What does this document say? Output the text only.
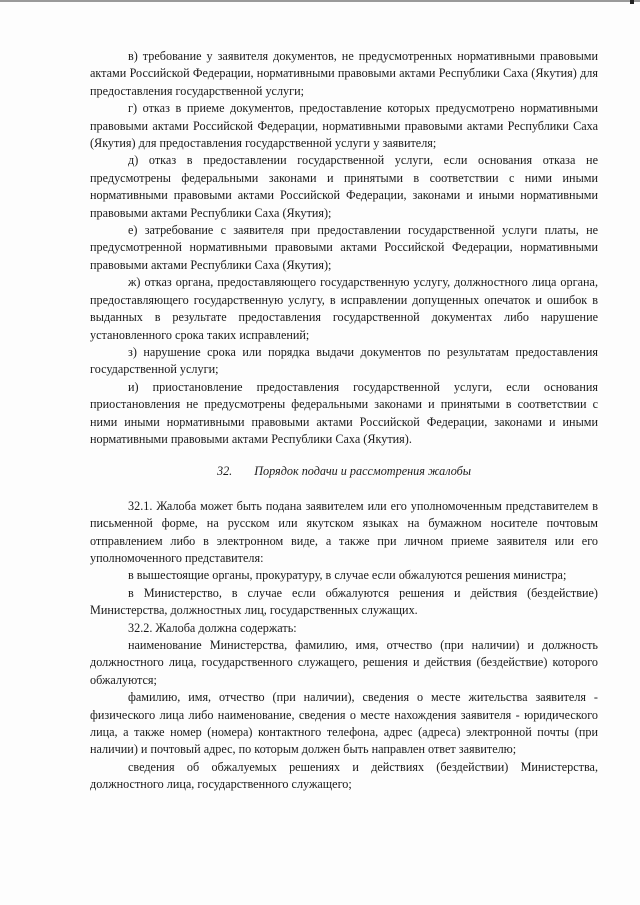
в) требование у заявителя документов, не предусмотренных нормативными правовыми актами Российской Федерации, нормативными правовыми актами Республики Саха (Якутия) для предоставления государственной услуги;

г) отказ в приеме документов, предоставление которых предусмотрено нормативными правовыми актами Российской Федерации, нормативными правовыми актами Республики Саха (Якутия) для предоставления государственной услуги у заявителя;

д) отказ в предоставлении государственной услуги, если основания отказа не предусмотрены федеральными законами и принятыми в соответствии с ними иными нормативными правовыми актами Российской Федерации, законами и иными нормативными правовыми актами Республики Саха (Якутия);

е) затребование с заявителя при предоставлении государственной услуги платы, не предусмотренной нормативными правовыми актами Российской Федерации, нормативными правовыми актами Республики Саха (Якутия);

ж) отказ органа, предоставляющего государственную услугу, должностного лица органа, предоставляющего государственную услугу, в исправлении допущенных опечаток и ошибок в выданных в результате предоставления государственной документах либо нарушение установленного срока таких исправлений;

з) нарушение срока или порядка выдачи документов по результатам предоставления государственной услуги;

и) приостановление предоставления государственной услуги, если основания приостановления не предусмотрены федеральными законами и принятыми в соответствии с ними иными нормативными правовыми актами Российской Федерации, законами и иными нормативными правовыми актами Республики Саха (Якутия).

32. Порядок подачи и рассмотрения жалобы

32.1. Жалоба может быть подана заявителем или его уполномоченным представителем в письменной форме, на русском или якутском языках на бумажном носителе почтовым отправлением либо в электронном виде, а также при личном приеме заявителя или его уполномоченного представителя:

в вышестоящие органы, прокуратуру, в случае если обжалуются решения министра;

в Министерство, в случае если обжалуются решения и действия (бездействие) Министерства, должностных лиц, государственных служащих.

32.2. Жалоба должна содержать:

наименование Министерства, фамилию, имя, отчество (при наличии) и должность должностного лица, государственного служащего, решения и действия (бездействие) которого обжалуются;

фамилию, имя, отчество (при наличии), сведения о месте жительства заявителя - физического лица либо наименование, сведения о месте нахождения заявителя - юридического лица, а также номер (номера) контактного телефона, адрес (адреса) электронной почты (при наличии) и почтовый адрес, по которым должен быть направлен ответ заявителю;

сведения об обжалуемых решениях и действиях (бездействии) Министерства, должностного лица, государственного служащего;
